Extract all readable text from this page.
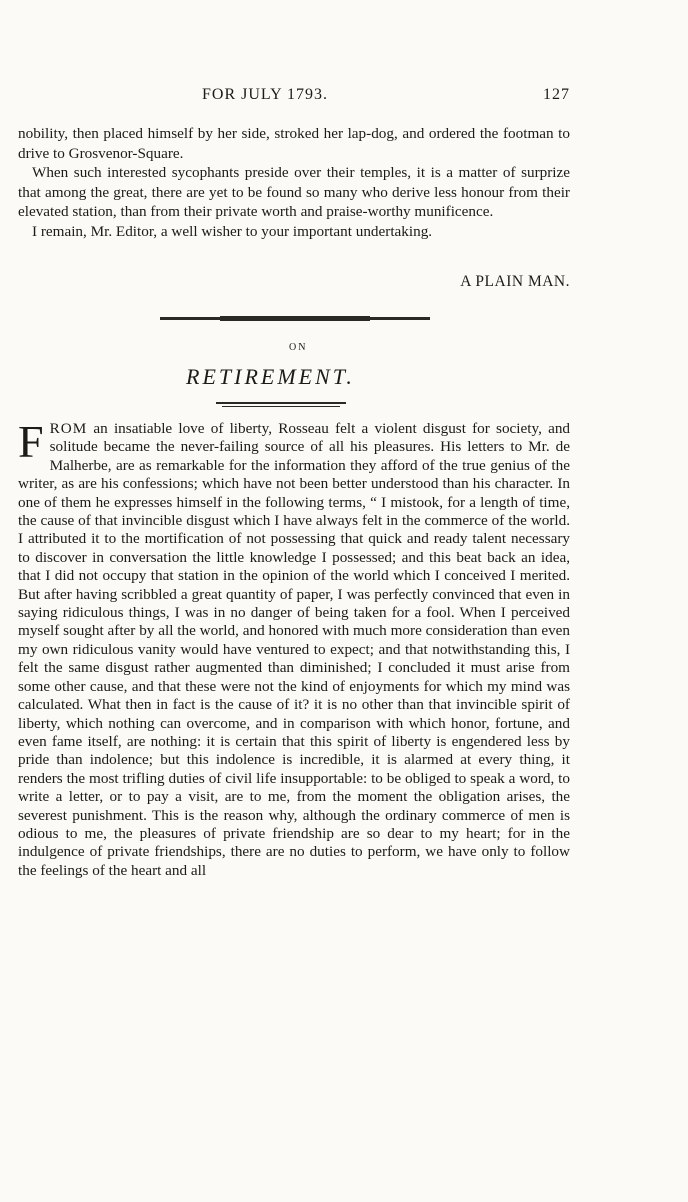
FOR JULY 1793.	127

nobility, then placed himself by her side, stroked her lap-dog, and ordered the footman to drive to Grosvenor-Square.

When such interested sycophants preside over their temples, it is a matter of surprize that among the great, there are yet to be found so many who derive less honour from their elevated station, than from their private worth and praise-worthy munificence.

I remain, Mr. Editor, a well wisher to your important undertaking.

A PLAIN MAN.
ON
RETIREMENT.
FROM an insatiable love of liberty, Rosseau felt a violent disgust for society, and solitude became the never-failing source of all his pleasures. His letters to Mr. de Malherbe, are as remarkable for the information they afford of the true genius of the writer, as are his confessions; which have not been better understood than his character. In one of them he expresses himself in the following terms, “ I mistook, for a length of time, the cause of that invincible disgust which I have always felt in the commerce of the world. I attributed it to the mortification of not possessing that quick and ready talent necessary to discover in conversation the little knowledge I possessed; and this beat back an idea, that I did not occupy that station in the opinion of the world which I conceived I merited. But after having scribbled a great quantity of paper, I was perfectly convinced that even in saying ridiculous things, I was in no danger of being taken for a fool. When I perceived myself sought after by all the world, and honored with much more consideration than even my own ridiculous vanity would have ventured to expect; and that notwithstanding this, I felt the same disgust rather augmented than diminished; I concluded it must arise from some other cause, and that these were not the kind of enjoyments for which my mind was calculated. What then in fact is the cause of it? it is no other than that invincible spirit of liberty, which nothing can overcome, and in comparison with which honor, fortune, and even fame itself, are nothing: it is certain that this spirit of liberty is engendered less by pride than indolence; but this indolence is incredible, it is alarmed at every thing, it renders the most trifling duties of civil life insupportable: to be obliged to speak a word, to write a letter, or to pay a visit, are to me, from the moment the obligation arises, the severest punishment. This is the reason why, although the ordinary commerce of men is odious to me, the pleasures of private friendship are so dear to my heart; for in the indulgence of private friendships, there are no duties to perform, we have only to follow the feelings of the heart and all
